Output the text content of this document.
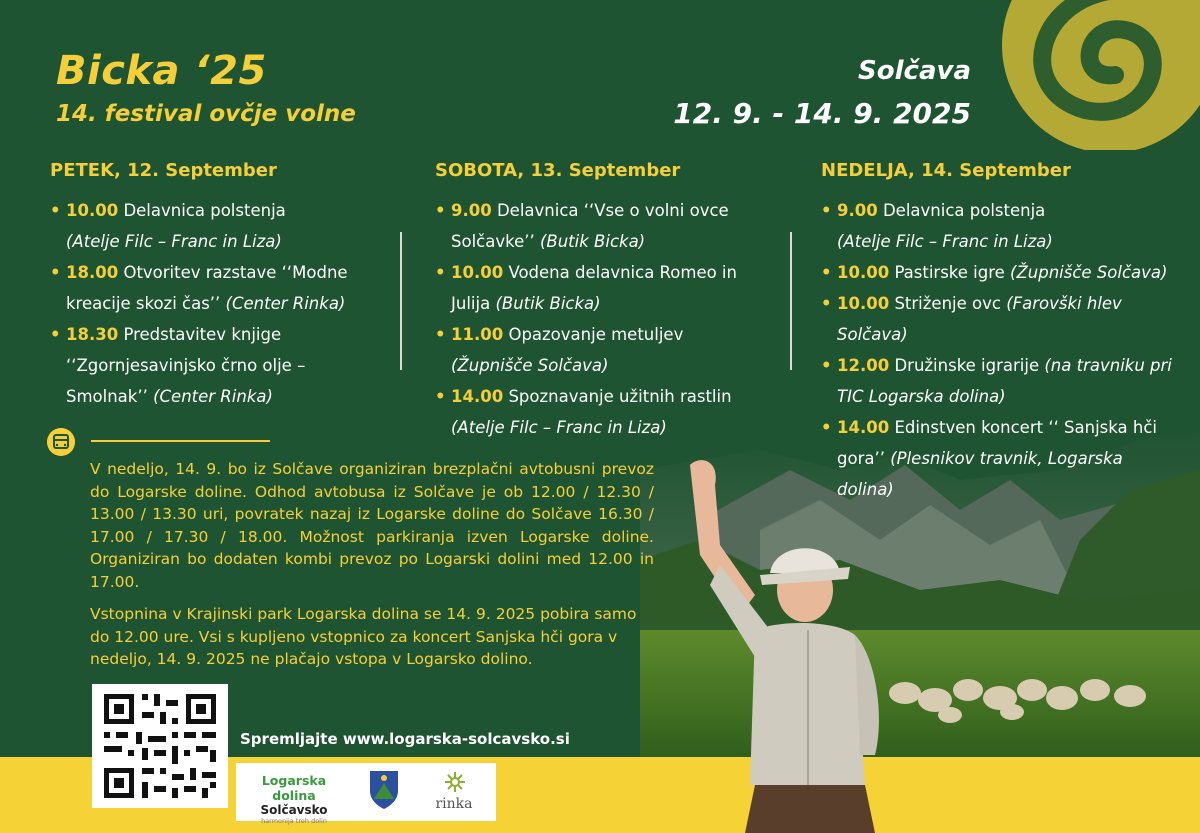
Bicka ‘25
14. festival ovčje volne
Solčava
12. 9. - 14. 9. 2025
PETEK, 12. September
• 10.00 Delavnica polstenja
(Atelje Filc – Franc in Liza)
• 18.00 Otvoritev razstave ‘‘Modne kreacije skozi čas’’ (Center Rinka)
• 18.30 Predstavitev knjige ‘‘Zgornjesavinjsko črno olje – Smolnak’’ (Center Rinka)
SOBOTA, 13. September
• 9.00 Delavnica ‘‘Vse o volni ovce Solčavke’’ (Butik Bicka)
• 10.00 Vodena delavnica Romeo in Julija (Butik Bicka)
• 11.00 Opazovanje metuljev
(Župnišče Solčava)
• 14.00 Spoznavanje užitnih rastlin
(Atelje Filc – Franc in Liza)
NEDELJA, 14. September
• 9.00 Delavnica polstenja
(Atelje Filc – Franc in Liza)
• 10.00 Pastirske igre (Župnišče Solčava)
• 10.00 Striženje ovc (Farovški hlev Solčava)
• 12.00 Družinske igrarije (na travniku pri TIC Logarska dolina)
• 14.00 Edinstven koncert ‘‘ Sanjska hči gora’’ (Plesnikov travnik, Logarska dolina)

V nedeljo, 14. 9. bo iz Solčave organiziran brezplačni avtobusni prevoz do Logarske doline. Odhod avtobusa iz Solčave je ob 12.00 / 12.30 / 13.00 / 13.30 uri, povratek nazaj iz Logarske doline do Solčave 16.30 / 17.00 / 17.30 / 18.00. Možnost parkiranja izven Logarske doline. Organiziran bo dodaten kombi prevoz po Logarski dolini med 12.00 in 17.00.

Vstopnina v Krajinski park Logarska dolina se 14. 9. 2025 pobira samo do 12.00 ure. Vsi s kupljeno vstopnico za koncert Sanjska hči gora v nedeljo, 14. 9. 2025 ne plačajo vstopa v Logarsko dolino.

Spremljajte www.logarska-solcavsko.si
Logarska dolina
Solčavsko
harmonija treh dolin
rinka
